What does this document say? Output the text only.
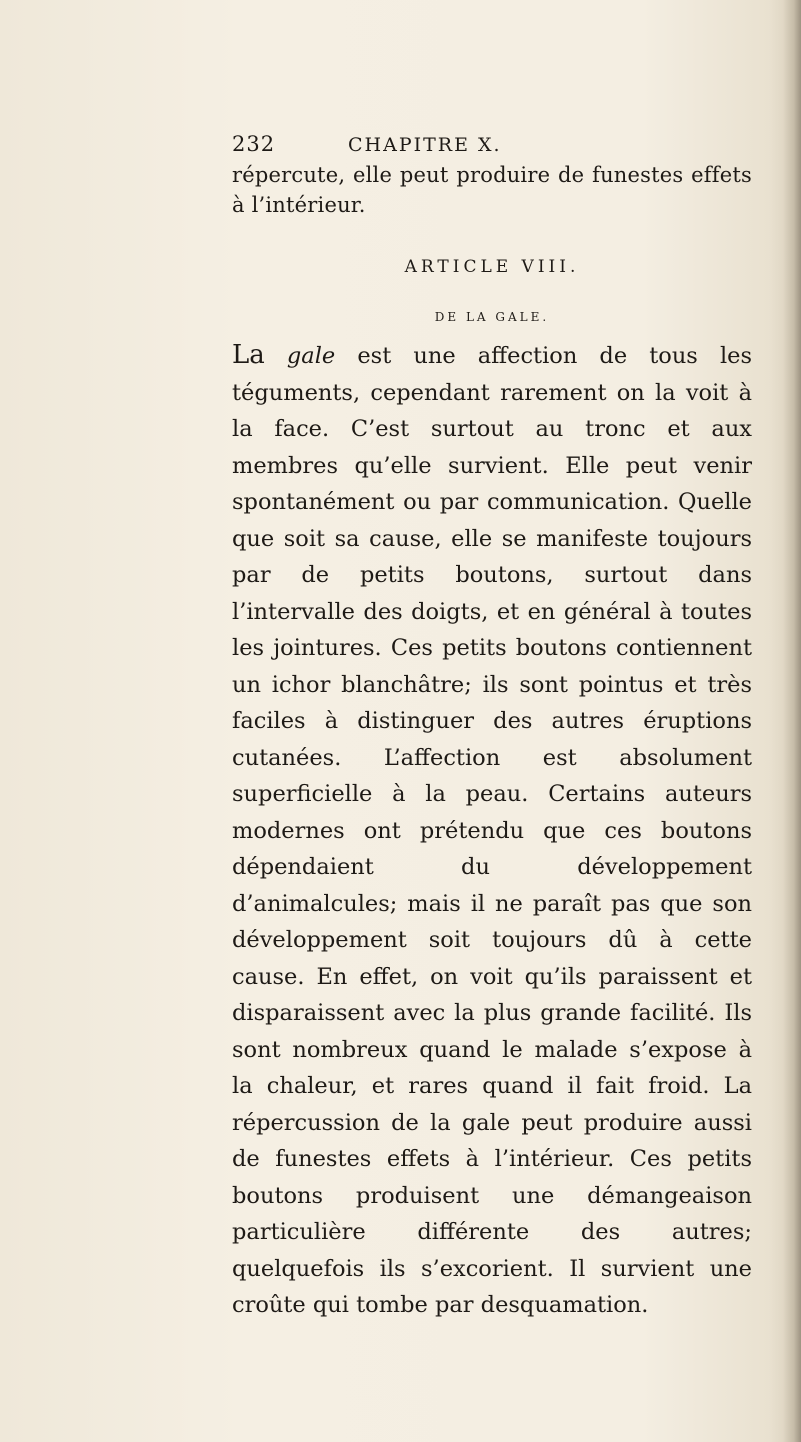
232	CHAPITRE X.
répercute, elle peut produire de funestes effets à l’intérieur.
ARTICLE VIII.
DE LA GALE.
La gale est une affection de tous les téguments, cependant rarement on la voit à la face. C’est surtout au tronc et aux membres qu’elle survient. Elle peut venir spontanément ou par communication. Quelle que soit sa cause, elle se manifeste toujours par de petits boutons, surtout dans l’intervalle des doigts, et en général à toutes les jointures. Ces petits boutons contiennent un ichor blanchâtre; ils sont pointus et très faciles à distinguer des autres éruptions cutanées. L’affection est absolument superficielle à la peau. Certains auteurs modernes ont prétendu que ces boutons dépendaient du développement d’animalcules; mais il ne paraît pas que son développement soit toujours dû à cette cause. En effet, on voit qu’ils paraissent et disparaissent avec la plus grande facilité. Ils sont nombreux quand le malade s’expose à la chaleur, et rares quand il fait froid. La répercussion de la gale peut produire aussi de funestes effets à l’intérieur. Ces petits boutons produisent une démangeaison particulière différente des autres; quelquefois ils s’excorient. Il survient une croûte qui tombe par desquamation.
